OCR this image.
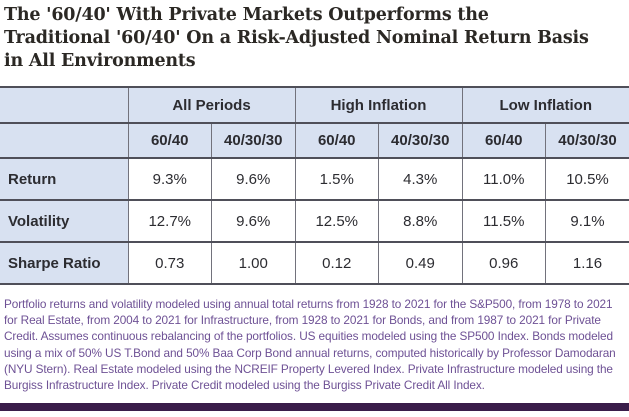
The '60/40' With Private Markets Outperforms the
Traditional '60/40' On a Risk-Adjusted Nominal Return Basis
in All Environments
	All Periods		High Inflation		Low Inflation	
	60/40	40/30/30	60/40	40/30/30	60/40	40/30/30
Return	9.3%	9.6%	1.5%	4.3%	11.0%	10.5%
Volatility	12.7%	9.6%	12.5%	8.8%	11.5%	9.1%
Sharpe Ratio	0.73	1.00	0.12	0.49	0.96	1.16
Portfolio returns and volatility modeled using annual total returns from 1928 to 2021 for the S&P500, from 1978 to 2021 for Real Estate, from 2004 to 2021 for Infrastructure, from 1928 to 2021 for Bonds, and from 1987 to 2021 for Private Credit. Assumes continuous rebalancing of the portfolios. US equities modeled using the SP500 Index. Bonds modeled using a mix of 50% US T.Bond and 50% Baa Corp Bond annual returns, computed historically by Professor Damodaran (NYU Stern). Real Estate modeled using the NCREIF Property Levered Index. Private Infrastructure modeled using the Burgiss Infrastructure Index. Private Credit modeled using the Burgiss Private Credit All Index.
